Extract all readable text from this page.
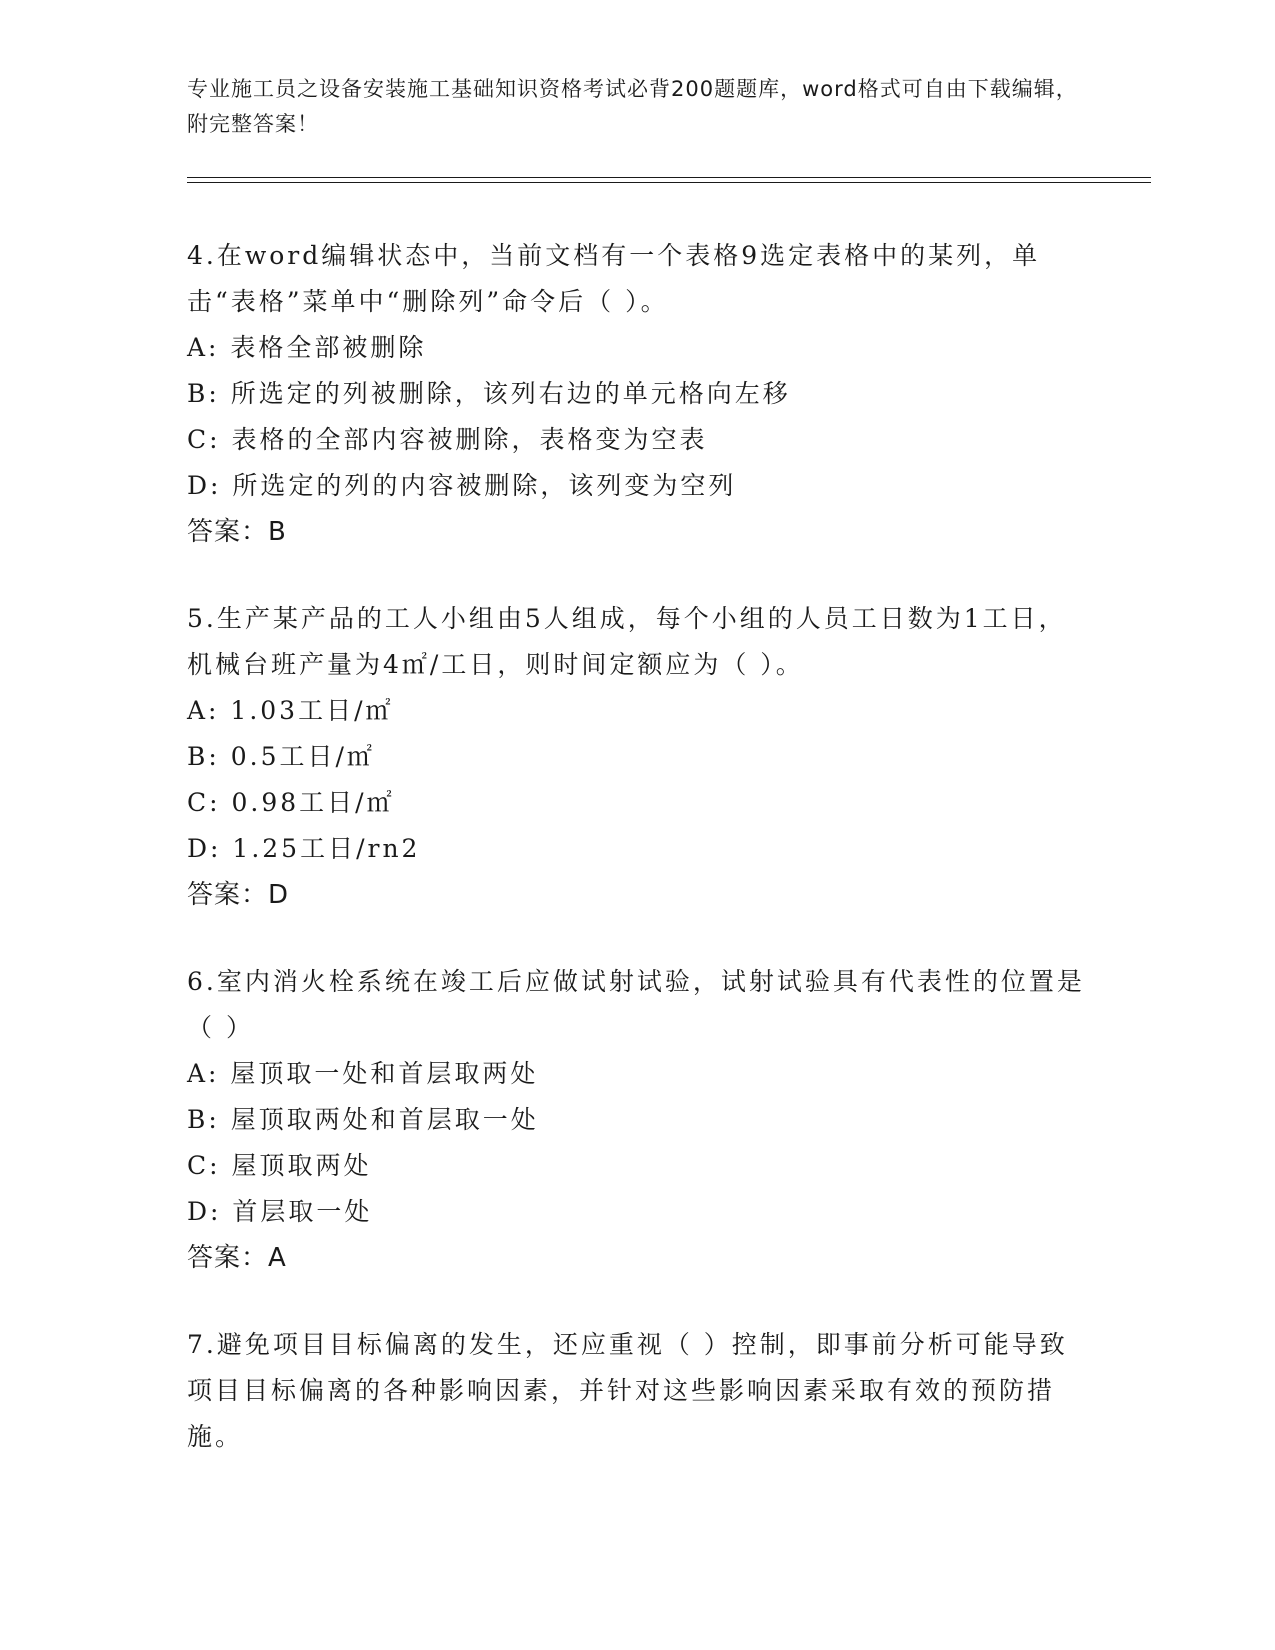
专业施工员之设备安装施工基础知识资格考试必背200题题库，word格式可自由下载编辑，附完整答案！

4.在word编辑状态中，当前文档有一个表格9选定表格中的某列，单击“表格”菜单中“删除列”命令后（ ）。

A: 表格全部被删除

B: 所选定的列被删除，该列右边的单元格向左移

C: 表格的全部内容被删除，表格变为空表

D: 所选定的列的内容被删除，该列变为空列

答案：B

5.生产某产品的工人小组由5人组成，每个小组的人员工日数为1工日，机械台班产量为4㎡/工日，则时间定额应为（ ）。

A: 1.03工日/㎡

B: 0.5工日/㎡

C: 0.98工日/㎡

D: 1.25工日/rn2

答案：D

6.室内消火栓系统在竣工后应做试射试验，试射试验具有代表性的位置是（ ）

A: 屋顶取一处和首层取两处

B: 屋顶取两处和首层取一处

C: 屋顶取两处

D: 首层取一处

答案：A

7.避免项目目标偏离的发生，还应重视（ ）控制，即事前分析可能导致项目目标偏离的各种影响因素，并针对这些影响因素采取有效的预防措施。
